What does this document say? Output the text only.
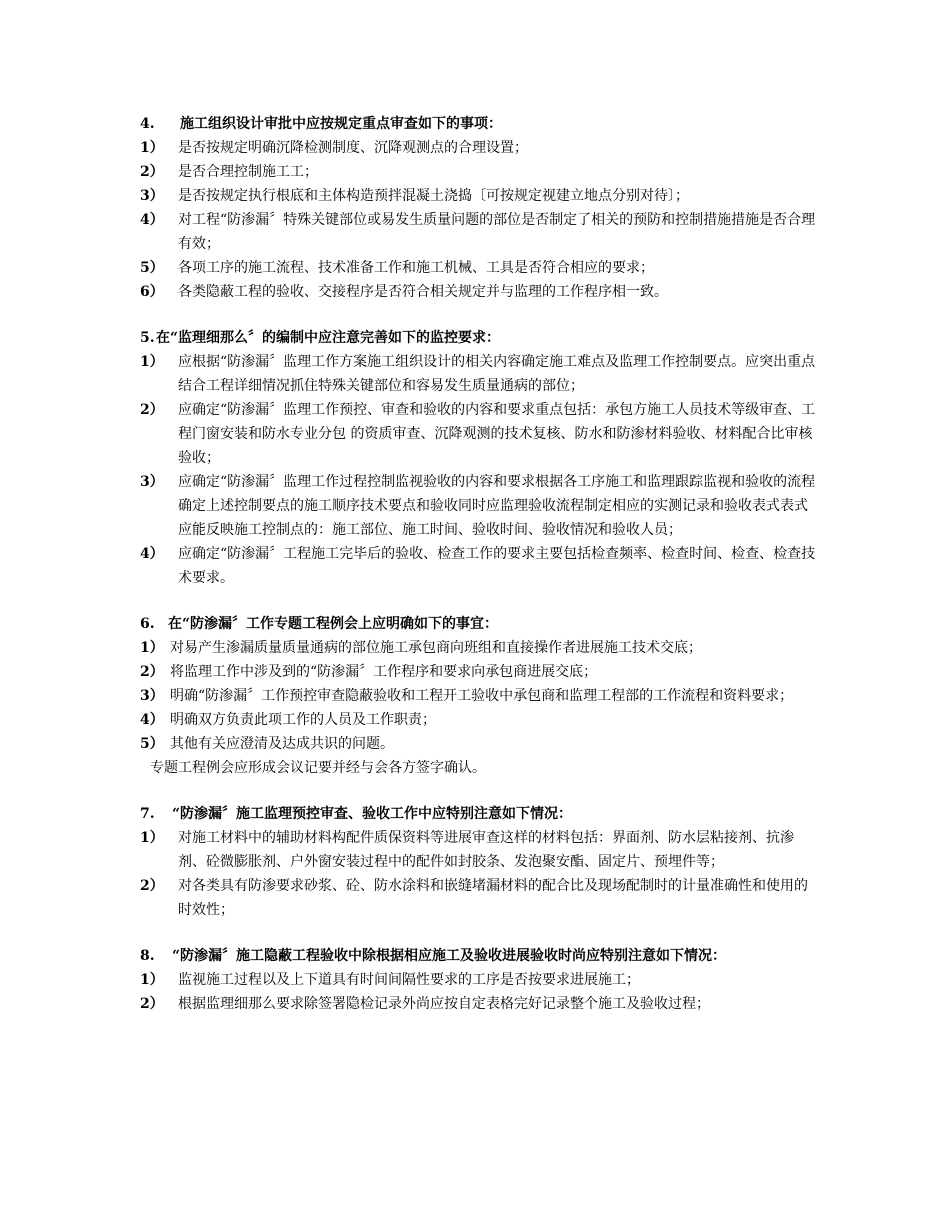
4. 施工组织设计审批中应按规定重点审查如下的事项：
1） 是否按规定明确沉降检测制度、沉降观测点的合理设置；
2） 是否合理控制施工工；
3） 是否按规定执行根底和主体构造预拌混凝土浇捣〔可按规定视建立地点分别对待〕；
4） 对工程“防渗漏〞特殊关键部位或易发生质量问题的部位是否制定了相关的预防和控制措施措施是否合理有效；
5） 各项工序的施工流程、技术准备工作和施工机械、工具是否符合相应的要求；
6） 各类隐蔽工程的验收、交接程序是否符合相关规定并与监理的工作程序相一致。
5.在“监理细那么〞的编制中应注意完善如下的监控要求：
1） 应根据“防渗漏〞监理工作方案施工组织设计的相关内容确定施工难点及监理工作控制要点。应突出重点结合工程详细情况抓住特殊关键部位和容易发生质量通病的部位；
2） 应确定“防渗漏〞监理工作预控、审查和验收的内容和要求重点包括：承包方施工人员技术等级审查、工程门窗安装和防水专业分包 的资质审查、沉降观测的技术复核、防水和防渗材料验收、材料配合比审核验收；
3） 应确定“防渗漏〞监理工作过程控制监视验收的内容和要求根据各工序施工和监理跟踪监视和验收的流程确定上述控制要点的施工顺序技术要点和验收同时应监理验收流程制定相应的实测记录和验收表式表式应能反映施工控制点的：施工部位、施工时间、验收时间、验收情况和验收人员；
4） 应确定“防渗漏〞工程施工完毕后的验收、检查工作的要求主要包括检查频率、检查时间、检查、检查技术要求。
6. 在“防渗漏〞工作专题工程例会上应明确如下的事宜：
1） 对易产生渗漏质量质量通病的部位施工承包商向班组和直接操作者进展施工技术交底；
2） 将监理工作中涉及到的“防渗漏〞工作程序和要求向承包商进展交底；
3） 明确“防渗漏〞工作预控审查隐蔽验收和工程开工验收中承包商和监理工程部的工作流程和资料要求；
4） 明确双方负责此项工作的人员及工作职责；
5） 其他有关应澄清及达成共识的问题。
专题工程例会应形成会议记要并经与会各方签字确认。
7. “防渗漏〞施工监理预控审查、验收工作中应特别注意如下情况：
1） 对施工材料中的辅助材料构配件质保资料等进展审查这样的材料包括：界面剂、防水层粘接剂、抗渗剂、砼微膨胀剂、户外窗安装过程中的配件如封胶条、发泡聚安酯、固定片、预埋件等；
2） 对各类具有防渗要求砂浆、砼、防水涂料和嵌缝堵漏材料的配合比及现场配制时的计量准确性和使用的时效性；
8. “防渗漏〞施工隐蔽工程验收中除根据相应施工及验收进展验收时尚应特别注意如下情况：
1） 监视施工过程以及上下道具有时间间隔性要求的工序是否按要求进展施工；
2） 根据监理细那么要求除签署隐检记录外尚应按自定表格完好记录整个施工及验收过程；
